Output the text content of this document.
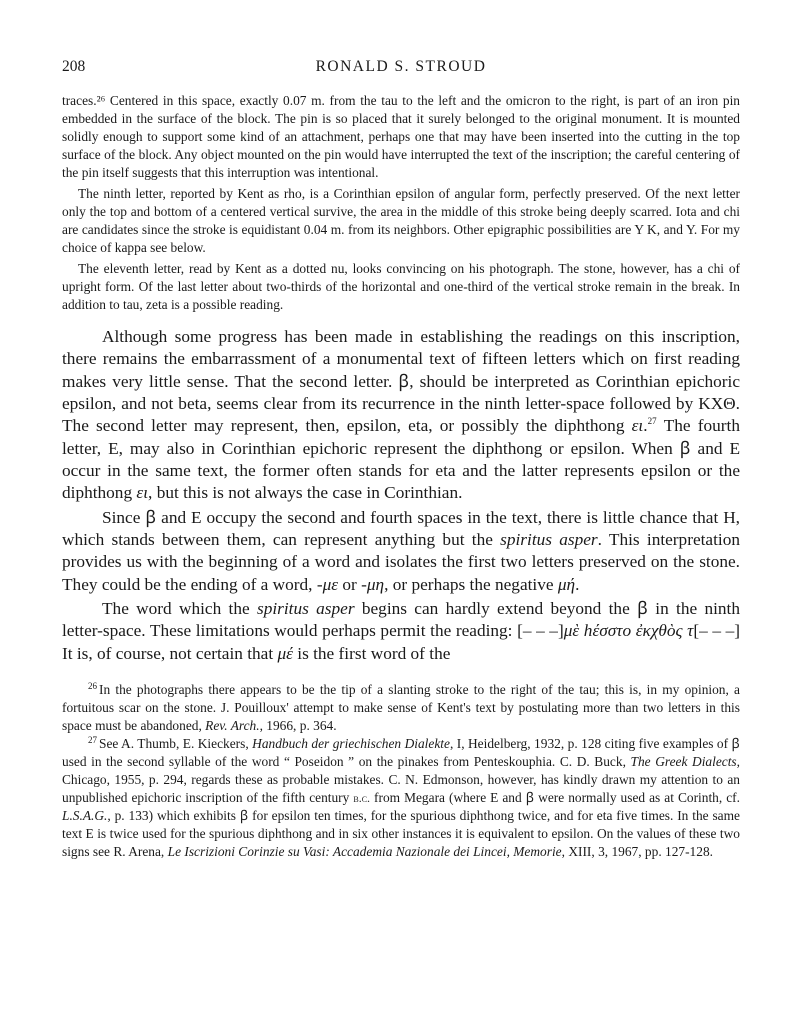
208	RONALD S. STROUD

traces.²⁶ Centered in this space, exactly 0.07 m. from the tau to the left and the omicron to the right, is part of an iron pin embedded in the surface of the block. The pin is so placed that it surely belonged to the original monument. It is mounted solidly enough to support some kind of an attachment, perhaps one that may have been inserted into the cutting in the top surface of the block. Any object mounted on the pin would have interrupted the text of the inscription; the careful centering of the pin itself suggests that this interruption was intentional.

The ninth letter, reported by Kent as rho, is a Corinthian epsilon of angular form, perfectly preserved. Of the next letter only the top and bottom of a centered vertical survive, the area in the middle of this stroke being deeply scarred. Iota and chi are candidates since the stroke is equidistant 0.04 m. from its neighbors. Other epigraphic possibilities are Y K, and Y. For my choice of kappa see below.

The eleventh letter, read by Kent as a dotted nu, looks convincing on his photograph. The stone, however, has a chi of upright form. Of the last letter about two-thirds of the horizontal and one-third of the vertical stroke remain in the break. In addition to tau, zeta is a possible reading.

Although some progress has been made in establishing the readings on this inscription, there remains the embarrassment of a monumental text of fifteen letters which on first reading makes very little sense. That the second letter. ꞵ, should be interpreted as Corinthian epichoric epsilon, and not beta, seems clear from its recurrence in the ninth letter-space followed by ΚΧΘ. The second letter may represent, then, epsilon, eta, or possibly the diphthong ει.$^{27}$ The fourth letter, E, may also in Corinthian epichoric represent the diphthong or epsilon. When ꞵ and E occur in the same text, the former often stands for eta and the latter represents epsilon or the diphthong ει, but this is not always the case in Corinthian.

Since ꞵ and E occupy the second and fourth spaces in the text, there is little chance that H, which stands between them, can represent anything but the spiritus asper. This interpretation provides us with the beginning of a word and isolates the first two letters preserved on the stone. They could be the ending of a word, -με or -μη, or perhaps the negative μή.

The word which the spiritus asper begins can hardly extend beyond the ꞵ in the ninth letter-space. These limitations would perhaps permit the reading: [– – –]μὲ hέσστο ἐκχθὸς τ[– – –] It is, of course, not certain that μέ is the first word of the

$^{26}$ In the photographs there appears to be the tip of a slanting stroke to the right of the tau; this is, in my opinion, a fortuitous scar on the stone. J. Pouilloux' attempt to make sense of Kent's text by postulating more than two letters in this space must be abandoned, Rev. Arch., 1966, p. 364.

$^{27}$ See A. Thumb, E. Kieckers, Handbuch der griechischen Dialekte, I, Heidelberg, 1932, p. 128 citing five examples of ꞵ used in the second syllable of the word “ Poseidon ” on the pinakes from Penteskouphia. C. D. Buck, The Greek Dialects, Chicago, 1955, p. 294, regards these as probable mistakes. C. N. Edmonson, however, has kindly drawn my attention to an unpublished epichoric inscription of the fifth century b.c. from Megara (where E and ꞵ were normally used as at Corinth, cf. L.S.A.G., p. 133) which exhibits ꞵ for epsilon ten times, for the spurious diphthong twice, and for eta five times. In the same text E is twice used for the spurious diphthong and in six other instances it is equivalent to epsilon. On the values of these two signs see R. Arena, Le Iscrizioni Corinzie su Vasi: Accademia Nazionale dei Lincei, Memorie, XIII, 3, 1967, pp. 127-128.
